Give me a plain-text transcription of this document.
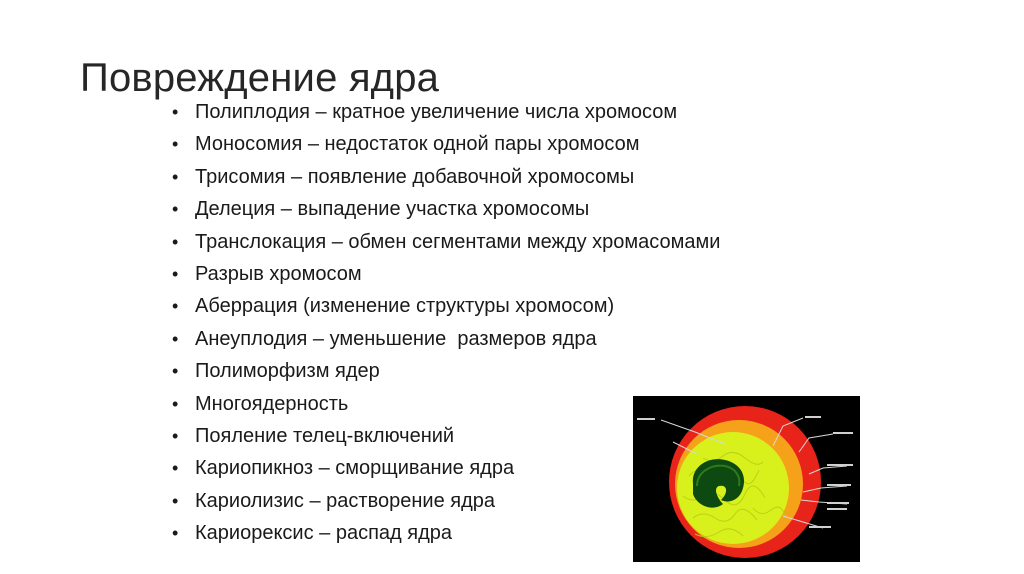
Повреждение ядра
• Полиплодия – кратное увеличение числа хромосом
• Моносомия – недостаток одной пары хромосом
• Трисомия – появление добавочной хромосомы
• Делеция – выпадение участка хромосомы
• Транслокация – обмен сегментами между хромасомами
• Разрыв хромосом
• Аберрация (изменение структуры хромосом)
• Анеуплодия – уменьшение  размеров ядра
• Полиморфизм ядер
• Многоядерность
• Пояление телец-включений
• Кариопикноз – сморщивание ядра
• Кариолизис – растворение ядра
• Кариорексис – распад ядра
